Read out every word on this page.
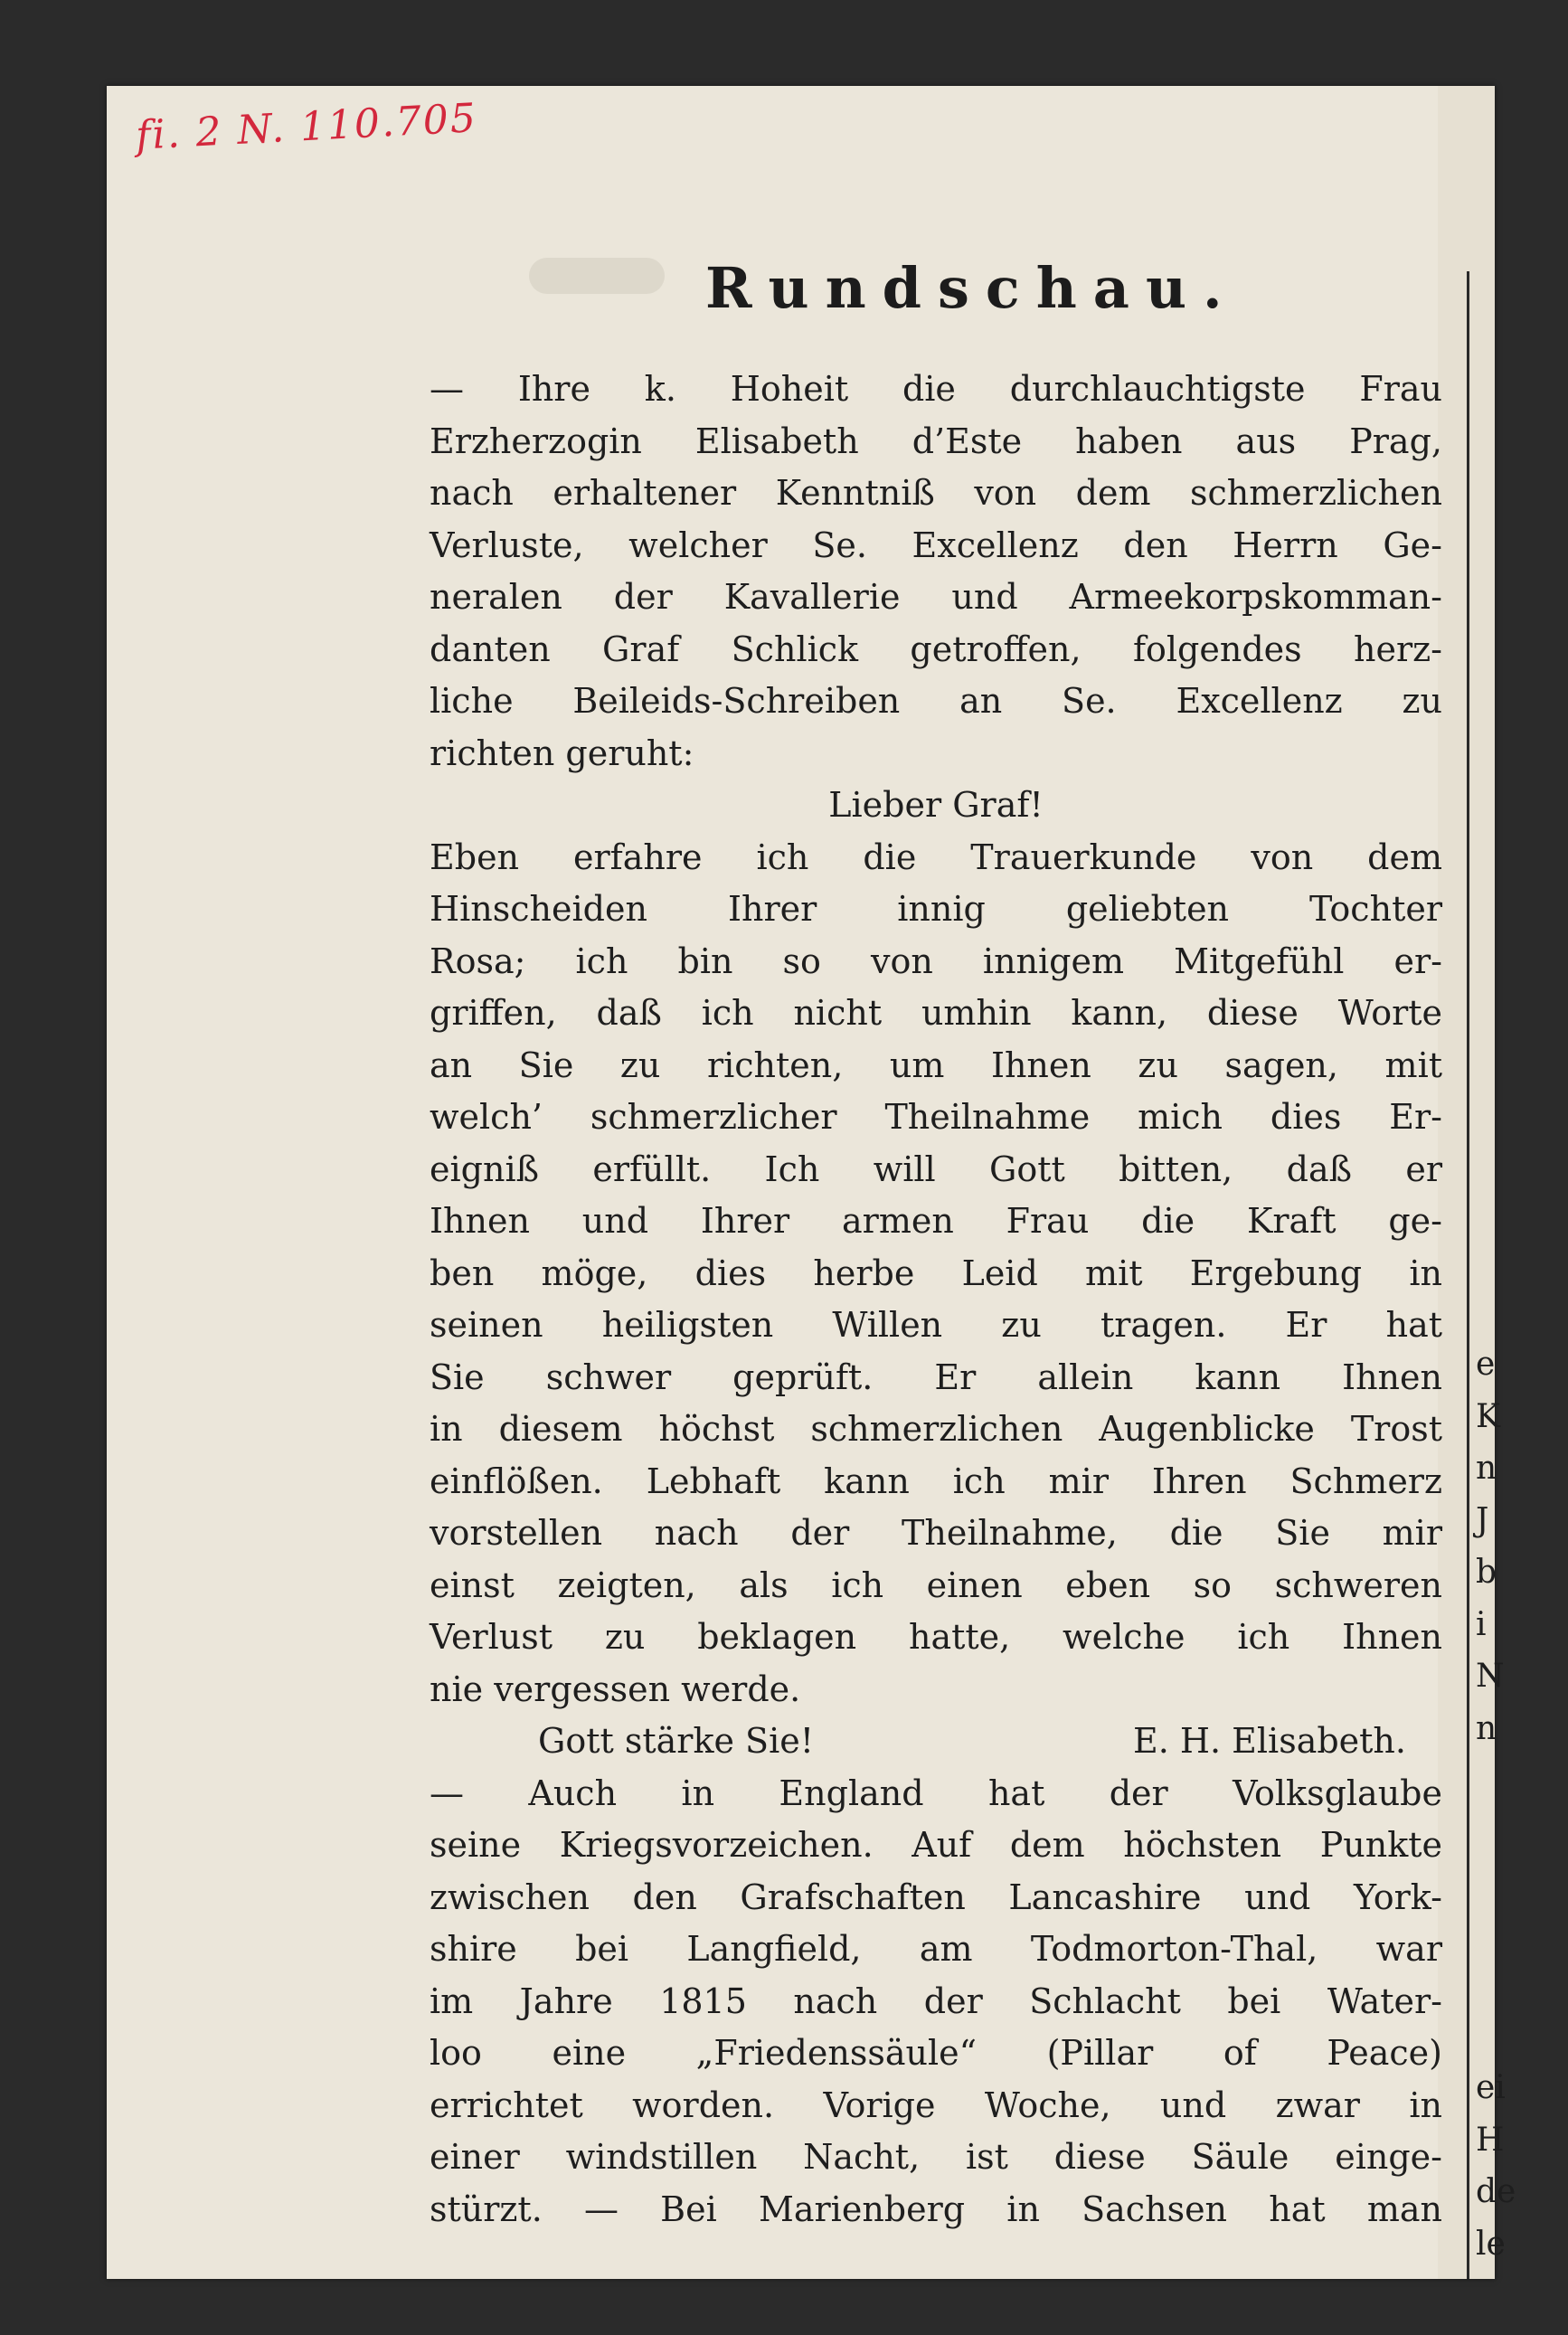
fi. 2 N. 110.705
Rundschau.
— Ihre k. Hoheit die durchlauchtigste Frau
Erzherzogin Elisabeth d’Este haben aus Prag,
nach erhaltener Kenntniß von dem schmerzlichen
Verluste, welcher Se. Excellenz den Herrn Ge-
neralen der Kavallerie und Armeekorpskomman-
danten Graf Schlick getroffen, folgendes herz-
liche Beileids-Schreiben an Se. Excellenz zu
richten geruht:
Lieber Graf!
Eben erfahre ich die Trauerkunde von dem
Hinscheiden Ihrer innig geliebten Tochter
Rosa; ich bin so von innigem Mitgefühl er-
griffen, daß ich nicht umhin kann, diese Worte
an Sie zu richten, um Ihnen zu sagen, mit
welch’ schmerzlicher Theilnahme mich dies Er-
eigniß erfüllt. Ich will Gott bitten, daß er
Ihnen und Ihrer armen Frau die Kraft ge-
ben möge, dies herbe Leid mit Ergebung in
seinen heiligsten Willen zu tragen. Er hat
Sie schwer geprüft. Er allein kann Ihnen
in diesem höchst schmerzlichen Augenblicke Trost
einflößen. Lebhaft kann ich mir Ihren Schmerz
vorstellen nach der Theilnahme, die Sie mir
einst zeigten, als ich einen eben so schweren
Verlust zu beklagen hatte, welche ich Ihnen
nie vergessen werde.
Gott stärke Sie!	E. H. Elisabeth.
— Auch in England hat der Volksglaube
seine Kriegsvorzeichen. Auf dem höchsten Punkte
zwischen den Grafschaften Lancashire und York-
shire bei Langfield, am Todmorton-Thal, war
im Jahre 1815 nach der Schlacht bei Water-
loo eine „Friedenssäule“ (Pillar of Peace)
errichtet worden. Vorige Woche, und zwar in
einer windstillen Nacht, ist diese Säule einge-
stürzt. — Bei Marienberg in Sachsen hat man
e
K
n
J
b
i
N
n
ei
H
de
le
